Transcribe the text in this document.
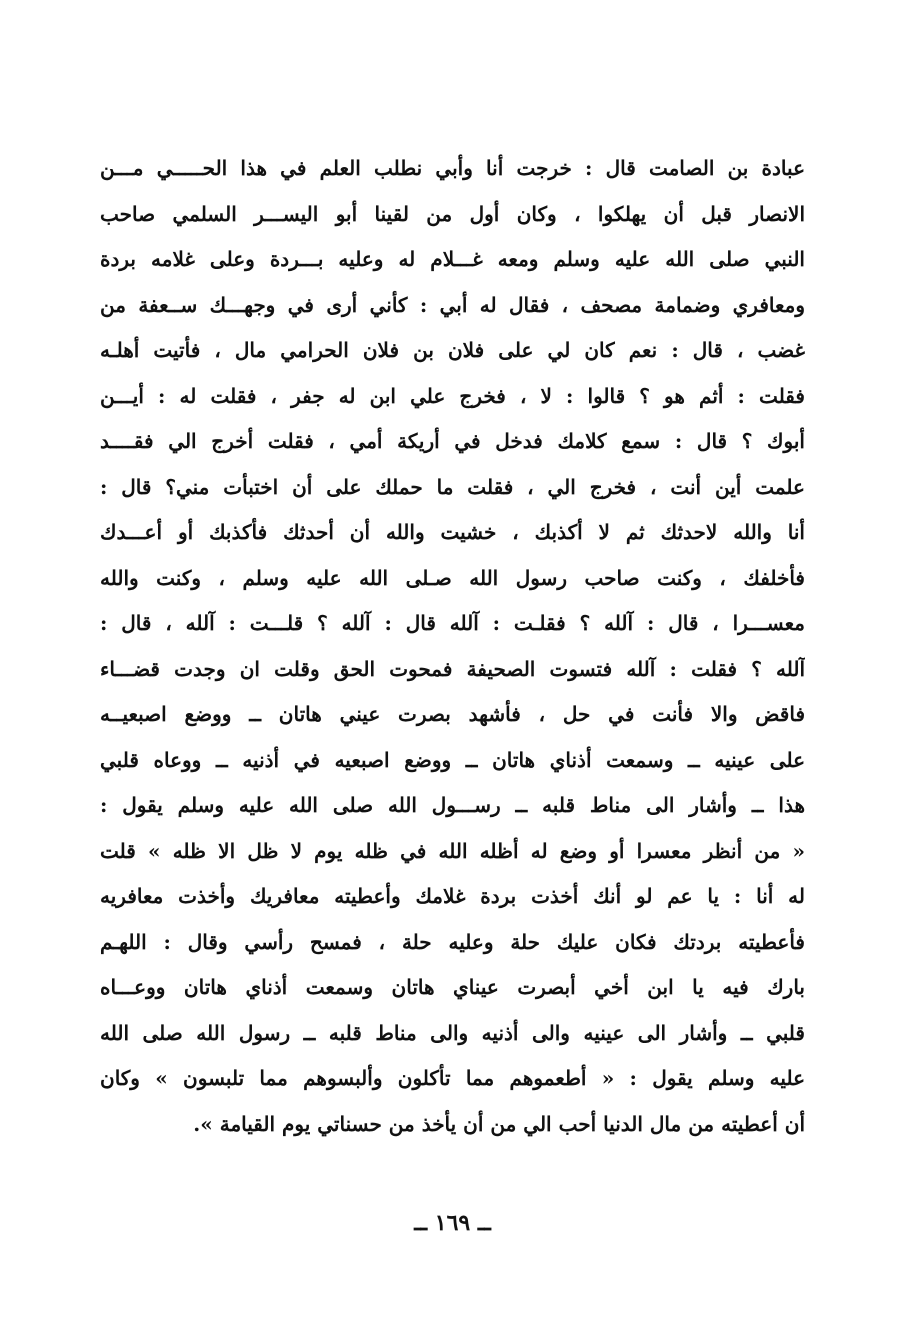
عبادة بن الصامت قال : خرجت أنا وأبي نطلب العلم في هذا الحـــــي مـــن
الانصار قبل أن يهلكوا ، وكان أول من لقينا أبو اليســـر السلمي صاحب
النبي صلى الله عليه وسلم ومعه غـــلام له وعليه بـــردة وعلى غلامه بردة
ومعافري وضمامة مصحف ، فقال له أبي : كأني أرى في وجهـــك ســعفة من
غضب ، قال : نعم كان لي على فلان بن فلان الحرامي مال ، فأتيت أهلـه
فقلت : أثم هو ؟ قالوا : لا ، فخرج علي ابن له جفر ، فقلت له : أيـــن
أبوك ؟ قال : سمع كلامك فدخل في أريكة أمي ، فقلت أخرج الي فقــــد
علمت أين أنت ، فخرج الي ، فقلت ما حملك على أن اختبأت مني؟ قال :
أنا والله لاحدثك ثم لا أكذبك ، خشيت والله أن أحدثك فأكذبك أو أعـــدك
فأخلفك ، وكنت صاحب رسول الله صـلى الله عليه وسلم ، وكنت والله
معســـرا ، قال : آلله ؟ فقلـت : آلله قال : آلله ؟ قلـــت : آلله ، قال :
آلله ؟ فقلت : آلله فتسوت الصحيفة فمحوت الحق وقلت ان وجدت قضـــاء
فاقض والا فأنت في حل ، فأشهد بصرت عيني هاتان ــ ووضع اصبعيــه
على عينيه ــ وسمعت أذناي هاتان ــ ووضع اصبعيه في أذنيه ــ ووعاه قلبي
هذا ــ وأشار الى مناط قلبه ــ رســـول الله صلى الله عليه وسلم يقول :
« من أنظر معسرا أو وضع له أظله الله في ظله يوم لا ظل الا ظله » قلت
له أنا : يا عم لو أنك أخذت بردة غلامك وأعطيته معافريك وأخذت معافريه
فأعطيته بردتك فكان عليك حلة وعليه حلة ، فمسح رأسي وقال : اللهـم
بارك فيه يا ابن أخي أبصرت عيناي هاتان وسمعت أذناي هاتان ووعـــاه
قلبي ــ وأشار الى عينيه والى أذنيه والى مناط قلبه ــ رسول الله صلى الله
عليه وسلم يقول : « أطعموهم مما تأكلون وألبسوهم مما تلبسون » وكان
أن أعطيته من مال الدنيا أحب الي من أن يأخذ من حسناتي يوم القيامة ».
ــ ١٦٩ ــ
